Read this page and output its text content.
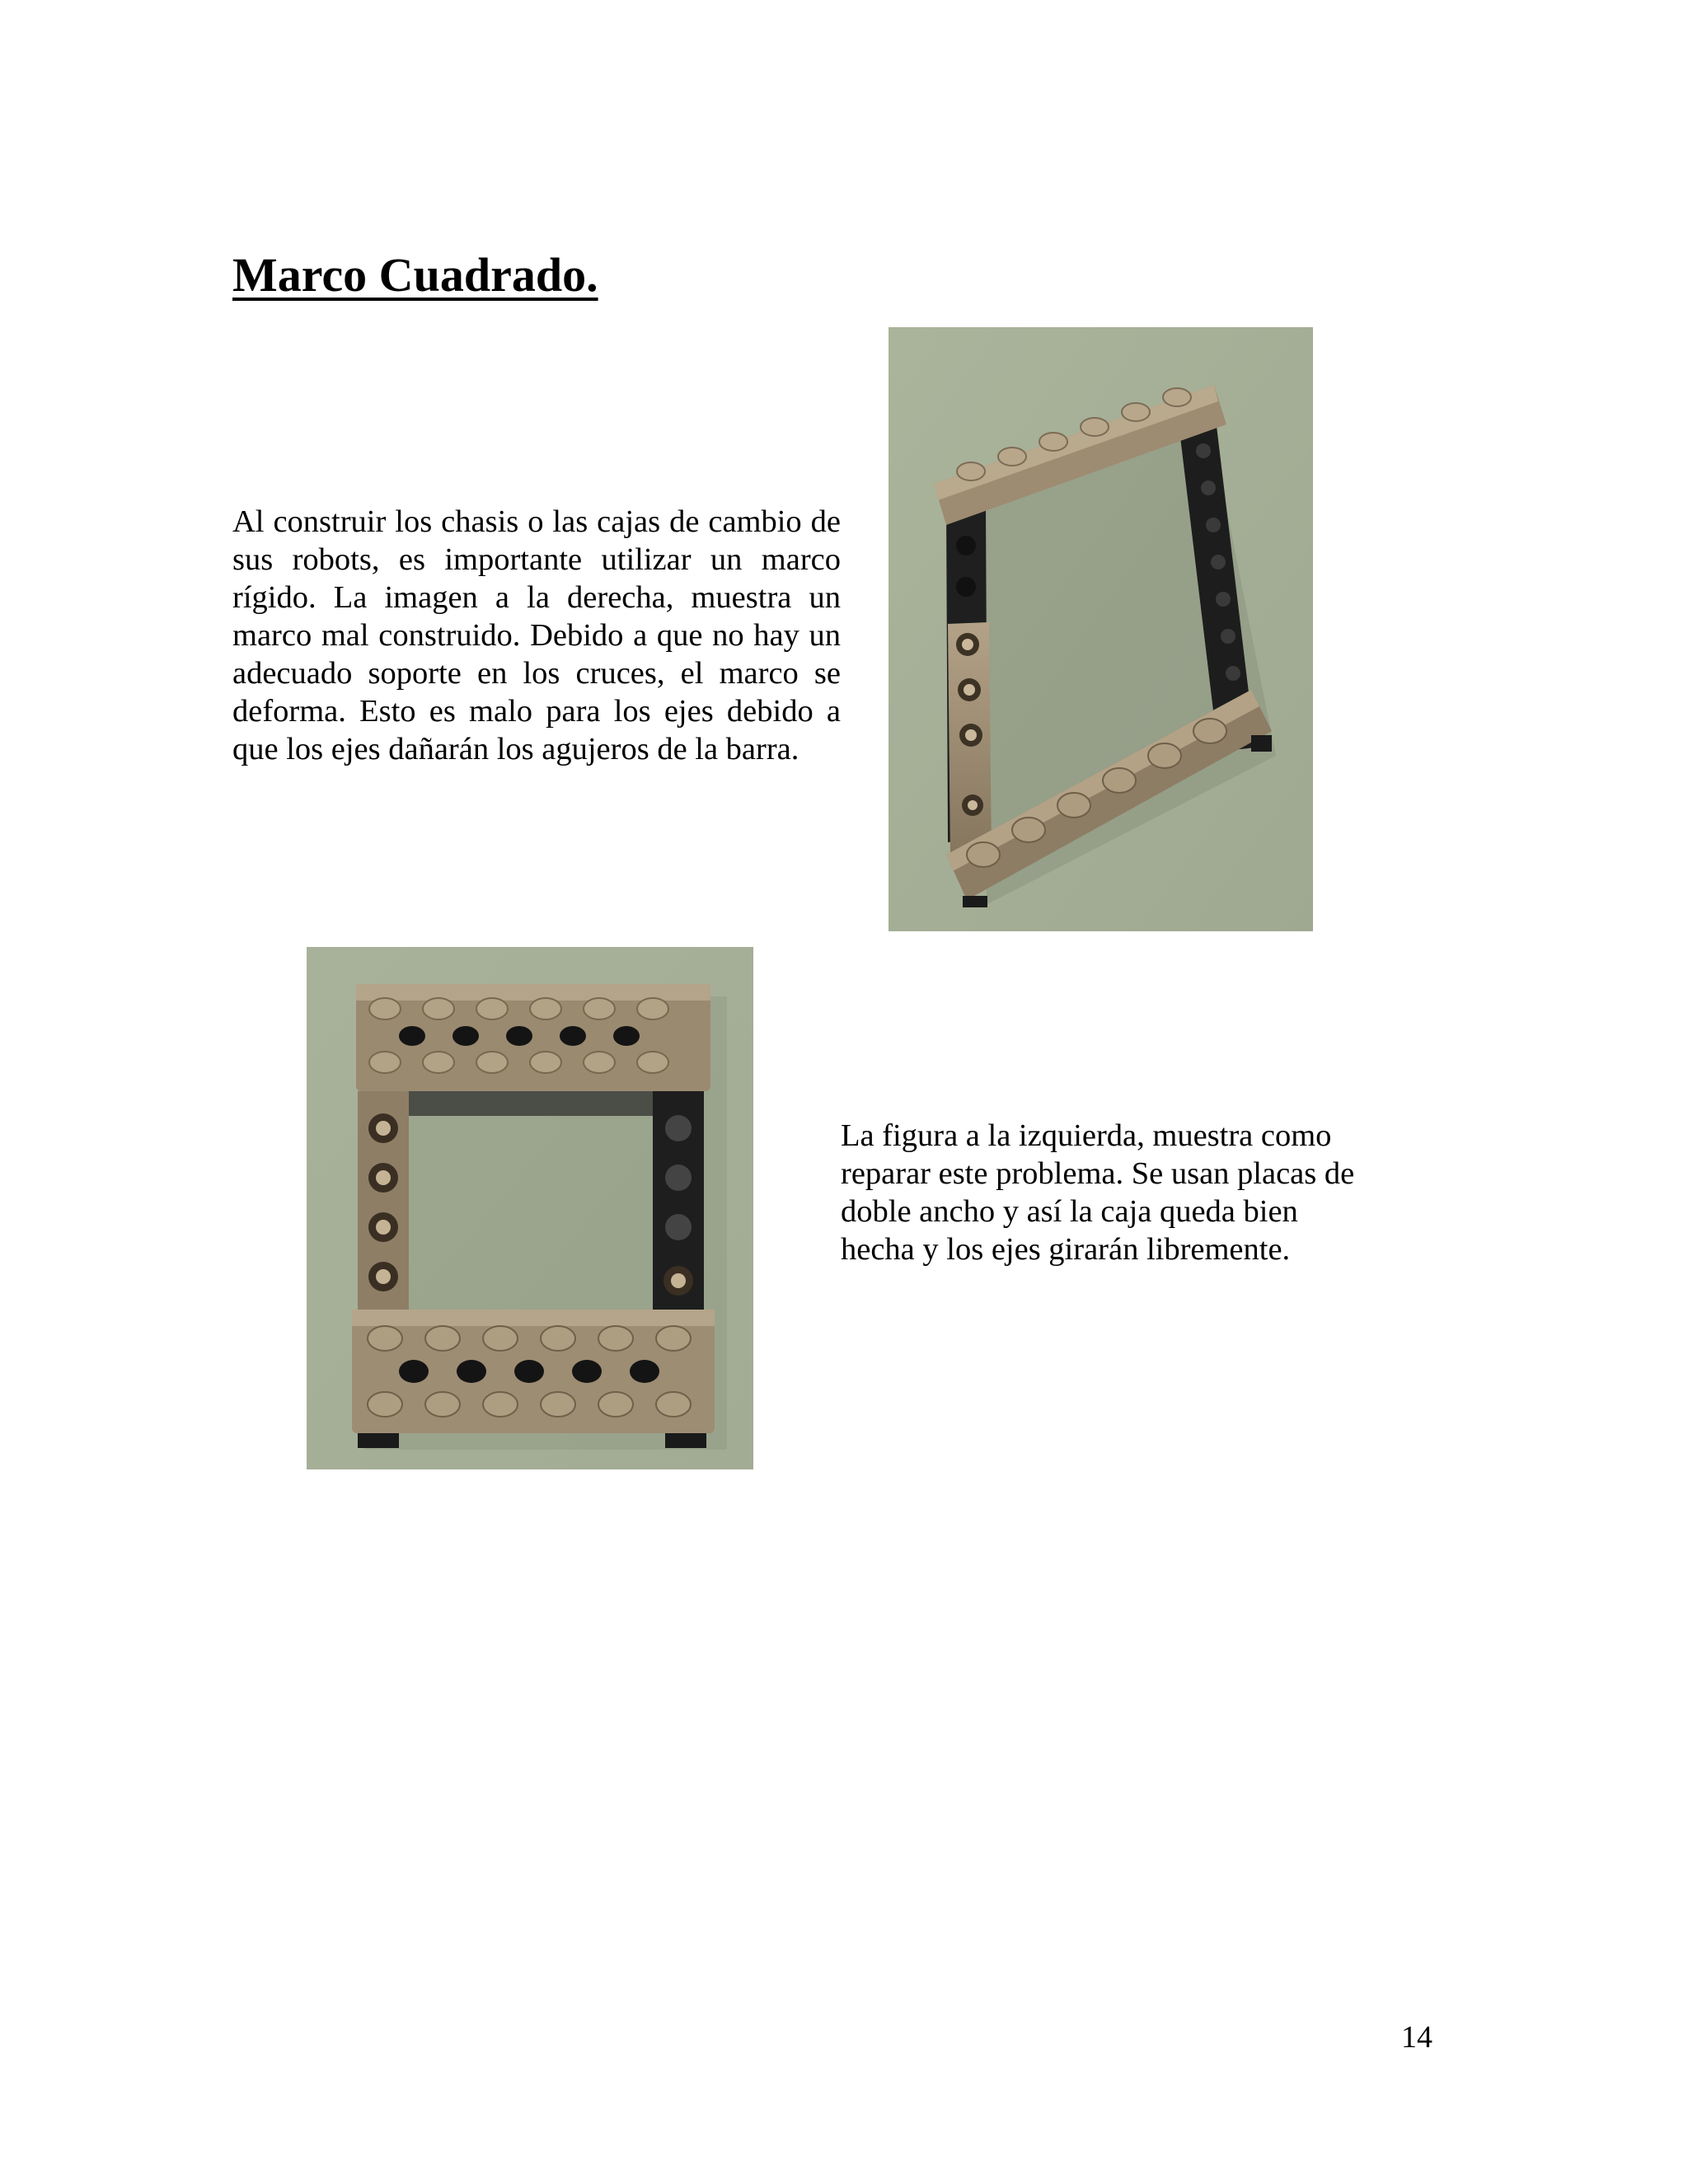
Marco Cuadrado.

Al construir los chasis o las cajas de cambio de sus robots, es importante utilizar un marco rígido. La imagen a la derecha, muestra un marco mal construido. Debido a que no hay un adecuado soporte en los cruces, el marco se deforma. Esto es malo para los ejes debido a que los ejes dañarán los agujeros de la barra.

La figura a la izquierda, muestra como reparar este problema. Se usan placas de doble ancho y así la caja queda bien hecha y los ejes girarán libremente.

14
